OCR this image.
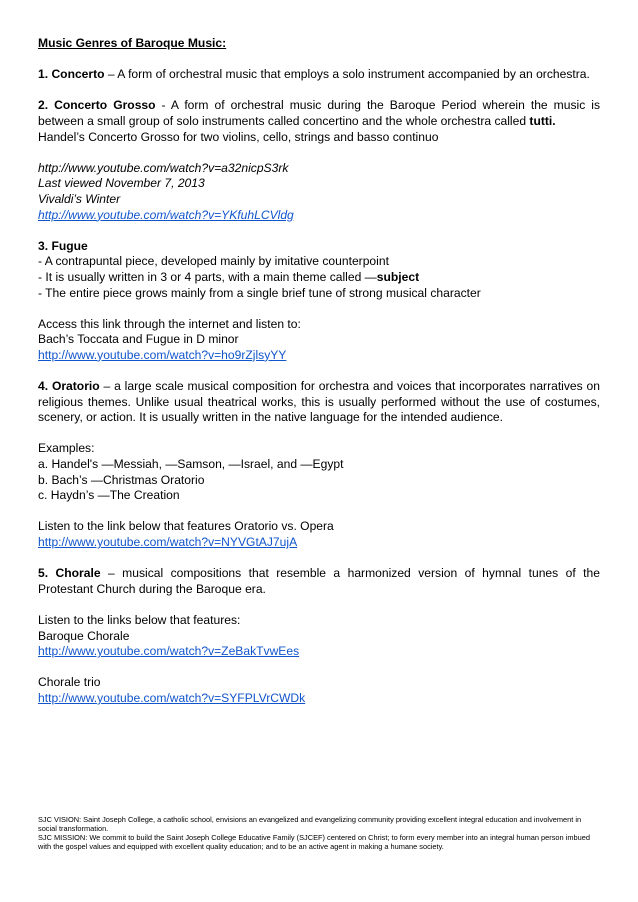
Music Genres of Baroque Music:
1. Concerto – A form of orchestral music that employs a solo instrument accompanied by an orchestra.
2. Concerto Grosso - A form of orchestral music during the Baroque Period wherein the music is between a small group of solo instruments called concertino and the whole orchestra called tutti.
Handel’s Concerto Grosso for two violins, cello, strings and basso continuo
http://www.youtube.com/watch?v=a32nicpS3rk
Last viewed November 7, 2013
Vivaldi’s Winter
http://www.youtube.com/watch?v=YKfuhLCVldg
3. Fugue
- A contrapuntal piece, developed mainly by imitative counterpoint
- It is usually written in 3 or 4 parts, with a main theme called ―subject
- The entire piece grows mainly from a single brief tune of strong musical character
Access this link through the internet and listen to:
Bach’s Toccata and Fugue in D minor
http://www.youtube.com/watch?v=ho9rZjlsyYY
4. Oratorio – a large scale musical composition for orchestra and voices that incorporates narratives on religious themes. Unlike usual theatrical works, this is usually performed without the use of costumes, scenery, or action. It is usually written in the native language for the intended audience.
Examples:
a. Handel's ―Messiah, ―Samson, ―Israel, and ―Egypt
b. Bach’s ―Christmas Oratorio
c. Haydn’s ―The Creation
Listen to the link below that features Oratorio vs. Opera
http://www.youtube.com/watch?v=NYVGtAJ7ujA
5. Chorale – musical compositions that resemble a harmonized version of hymnal tunes of the Protestant Church during the Baroque era.
Listen to the links below that features:
Baroque Chorale
http://www.youtube.com/watch?v=ZeBakTvwEes
Chorale trio
http://www.youtube.com/watch?v=SYFPLVrCWDk
SJC VISION: Saint Joseph College, a catholic school, envisions an evangelized and evangelizing community providing excellent integral education and involvement in social transformation.
SJC MISSION: We commit to build the Saint Joseph College Educative Family (SJCEF) centered on Christ; to form every member into an integral human person imbued with the gospel values and equipped with excellent quality education; and to be an active agent in making a humane society.
